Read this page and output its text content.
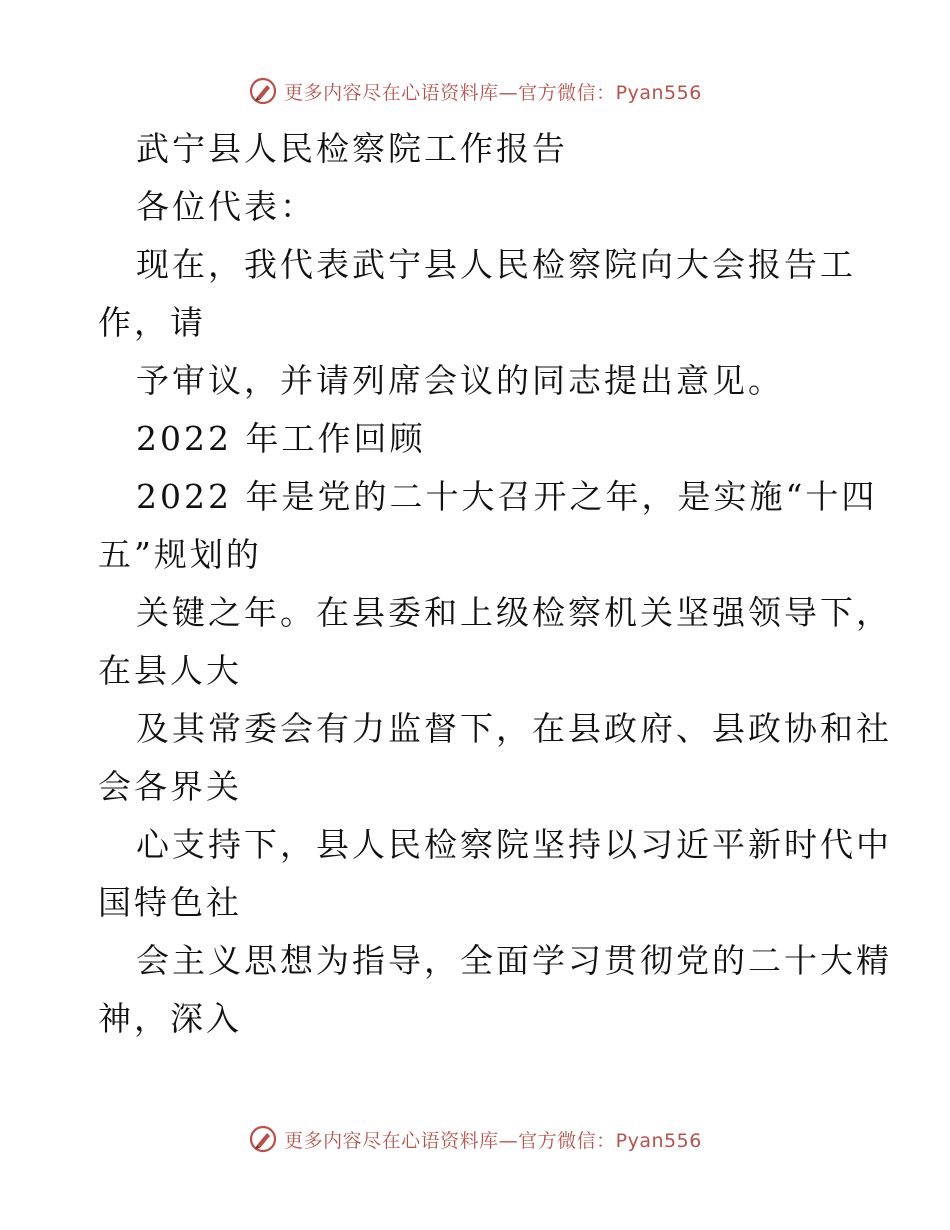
更多内容尽在心语资料库—官方微信：Pyan556
武宁县人民检察院工作报告
各位代表：
现在，我代表武宁县人民检察院向大会报告工
作，请
予审议，并请列席会议的同志提出意见。
2022 年工作回顾
2022 年是党的二十大召开之年，是实施“十四
五”规划的
关键之年。在县委和上级检察机关坚强领导下，
在县人大
及其常委会有力监督下，在县政府、县政协和社
会各界关
心支持下，县人民检察院坚持以习近平新时代中
国特色社
会主义思想为指导，全面学习贯彻党的二十大精
神，深入
更多内容尽在心语资料库—官方微信：Pyan556
